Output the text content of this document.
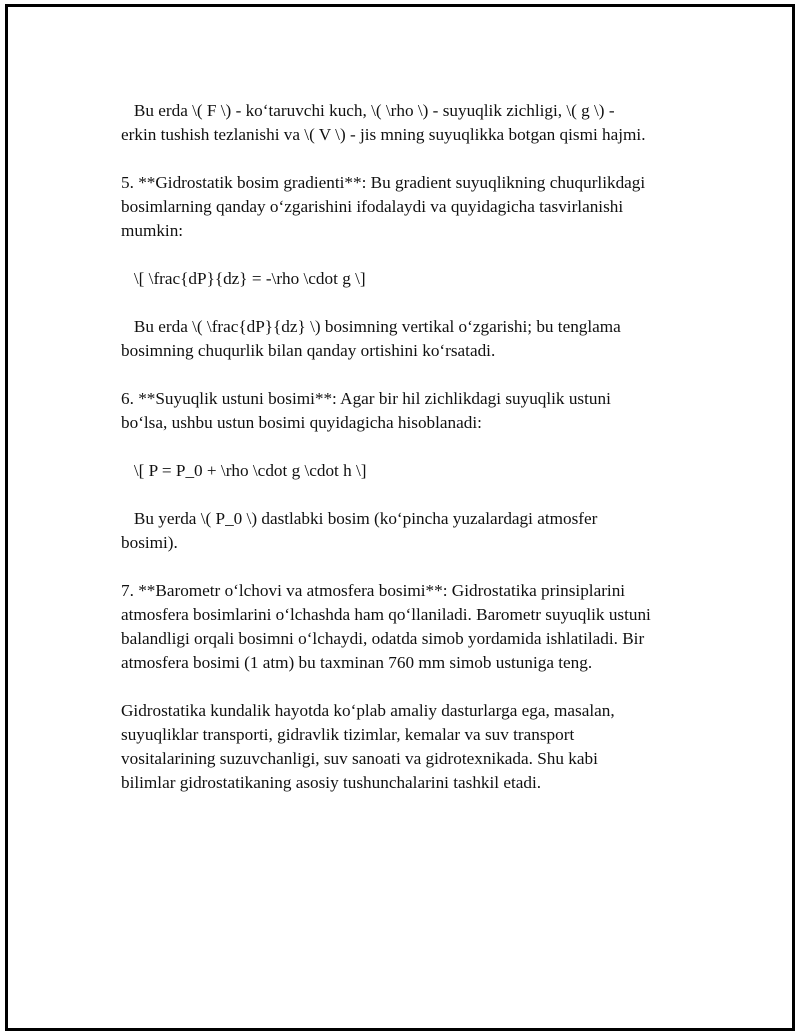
Bu erda \( F \) - ko‘taruvchi kuch, \( \rho \) - suyuqlik zichligi, \( g \) -
erkin tushish tezlanishi va \( V \) - jis mning suyuqlikka botgan qismi hajmi.

5. **Gidrostatik bosim gradienti**: Bu gradient suyuqlikning chuqurlikdagi
bosimlarning qanday o‘zgarishini ifodalaydi va quyidagicha tasvirlanishi
mumkin:

\[ \frac{dP}{dz} = -\rho \cdot g \]

Bu erda \( \frac{dP}{dz} \) bosimning vertikal o‘zgarishi; bu tenglama
bosimning chuqurlik bilan qanday ortishini ko‘rsatadi.

6. **Suyuqlik ustuni bosimi**: Agar bir hil zichlikdagi suyuqlik ustuni
bo‘lsa, ushbu ustun bosimi quyidagicha hisoblanadi:

\[ P = P_0 + \rho \cdot g \cdot h \]

Bu yerda \( P_0 \) dastlabki bosim (ko‘pincha yuzalardagi atmosfer
bosimi).

7. **Barometr o‘lchovi va atmosfera bosimi**: Gidrostatika prinsiplarini
atmosfera bosimlarini o‘lchashda ham qo‘llaniladi. Barometr suyuqlik ustuni
balandligi orqali bosimni o‘lchaydi, odatda simob yordamida ishlatiladi. Bir
atmosfera bosimi (1 atm) bu taxminan 760 mm simob ustuniga teng.

Gidrostatika kundalik hayotda ko‘plab amaliy dasturlarga ega, masalan,
suyuqliklar transporti, gidravlik tizimlar, kemalar va suv transport
vositalarining suzuvchanligi, suv sanoati va gidrotexnikada. Shu kabi
bilimlar gidrostatikaning asosiy tushunchalarini tashkil etadi.
